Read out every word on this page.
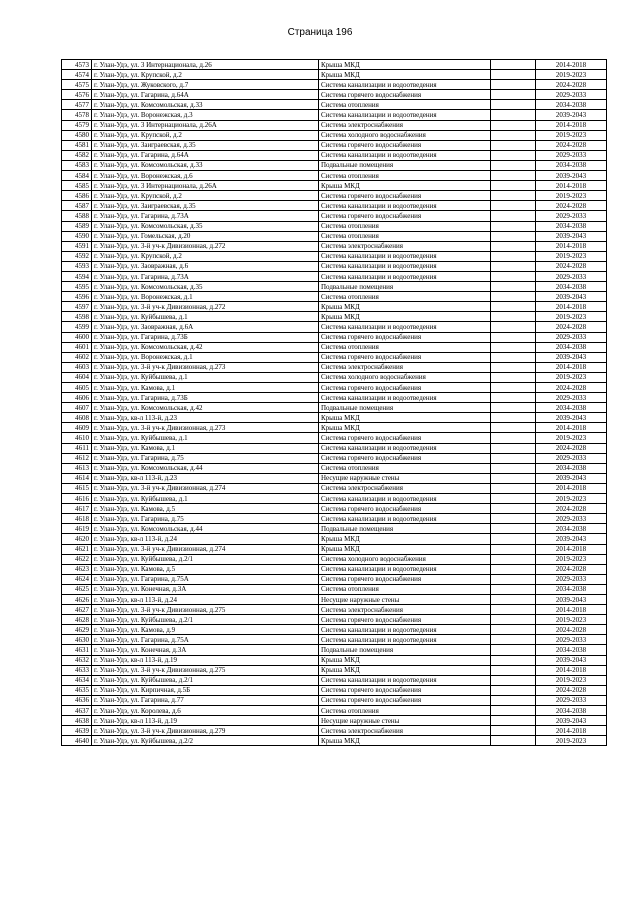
Страница 196
4573	г. Улан-Удэ, ул. 3 Интернационала, д.26	Крыша МКД		2014-2018
4574	г. Улан-Удэ, ул. Крупской, д.2	Крыша МКД		2019-2023
4575	г. Улан-Удэ, ул. Жуковского, д.7	Система канализации и водоотведения		2024-2028
4576	г. Улан-Удэ, ул. Гагарина, д.64А	Система горячего водоснабжения		2029-2033
4577	г. Улан-Удэ, ул. Комсомольская, д.33	Система отопления		2034-2038
4578	г. Улан-Удэ, ул. Воронежская, д.3	Система канализации и водоотведения		2039-2043
4579	г. Улан-Удэ, ул. 3 Интернационала, д.26А	Система электроснабжения		2014-2018
4580	г. Улан-Удэ, ул. Крупской, д.2	Система холодного водоснабжения		2019-2023
4581	г. Улан-Удэ, ул. Заиграевская, д.35	Система горячего водоснабжения		2024-2028
4582	г. Улан-Удэ, ул. Гагарина, д.64А	Система канализации и водоотведения		2029-2033
4583	г. Улан-Удэ, ул. Комсомольская, д.33	Подвальные помещения		2034-2038
4584	г. Улан-Удэ, ул. Воронежская, д.6	Система отопления		2039-2043
4585	г. Улан-Удэ, ул. 3 Интернационала, д.26А	Крыша МКД		2014-2018
4586	г. Улан-Удэ, ул. Крупской, д.2	Система горячего водоснабжения		2019-2023
4587	г. Улан-Удэ, ул. Заиграевская, д.35	Система канализации и водоотведения		2024-2028
4588	г. Улан-Удэ, ул. Гагарина, д.73А	Система горячего водоснабжения		2029-2033
4589	г. Улан-Удэ, ул. Комсомольская, д.35	Система отопления		2034-2038
4590	г. Улан-Удэ, ул. Гомельская, д.20	Система отопления		2039-2043
4591	г. Улан-Удэ, ул. 3-й уч-к Дивизионная, д.272	Система электроснабжения		2014-2018
4592	г. Улан-Удэ, ул. Крупской, д.2	Система канализации и водоотведения		2019-2023
4593	г. Улан-Удэ, ул. Заовражная, д.6	Система канализации и водоотведения		2024-2028
4594	г. Улан-Удэ, ул. Гагарина, д.73А	Система канализации и водоотведения		2029-2033
4595	г. Улан-Удэ, ул. Комсомольская, д.35	Подвальные помещения		2034-2038
4596	г. Улан-Удэ, ул. Воронежская, д.1	Система отопления		2039-2043
4597	г. Улан-Удэ, ул. 3-й уч-к Дивизионная, д.272	Крыша МКД		2014-2018
4598	г. Улан-Удэ, ул. Куйбышева, д.1	Крыша МКД		2019-2023
4599	г. Улан-Удэ, ул. Заовражная, д.6А	Система канализации и водоотведения		2024-2028
4600	г. Улан-Удэ, ул. Гагарина, д.73Б	Система горячего водоснабжения		2029-2033
4601	г. Улан-Удэ, ул. Комсомольская, д.42	Система отопления		2034-2038
4602	г. Улан-Удэ, ул. Воронежская, д.1	Система горячего водоснабжения		2039-2043
4603	г. Улан-Удэ, ул. 3-й уч-к Дивизионная, д.273	Система электроснабжения		2014-2018
4604	г. Улан-Удэ, ул. Куйбышева, д.1	Система холодного водоснабжения		2019-2023
4605	г. Улан-Удэ, ул. Камова, д.1	Система горячего водоснабжения		2024-2028
4606	г. Улан-Удэ, ул. Гагарина, д.73Б	Система канализации и водоотведения		2029-2033
4607	г. Улан-Удэ, ул. Комсомольская, д.42	Подвальные помещения		2034-2038
4608	г. Улан-Удэ, кв-л 113-й, д.23	Крыша МКД		2039-2043
4609	г. Улан-Удэ, ул. 3-й уч-к Дивизионная, д.273	Крыша МКД		2014-2018
4610	г. Улан-Удэ, ул. Куйбышева, д.1	Система горячего водоснабжения		2019-2023
4611	г. Улан-Удэ, ул. Камова, д.1	Система канализации и водоотведения		2024-2028
4612	г. Улан-Удэ, ул. Гагарина, д.75	Система горячего водоснабжения		2029-2033
4613	г. Улан-Удэ, ул. Комсомольская, д.44	Система отопления		2034-2038
4614	г. Улан-Удэ, кв-л 113-й, д.23	Несущие наружные стены		2039-2043
4615	г. Улан-Удэ, ул. 3-й уч-к Дивизионная, д.274	Система электроснабжения		2014-2018
4616	г. Улан-Удэ, ул. Куйбышева, д.1	Система канализации и водоотведения		2019-2023
4617	г. Улан-Удэ, ул. Камова, д.5	Система горячего водоснабжения		2024-2028
4618	г. Улан-Удэ, ул. Гагарина, д.75	Система канализации и водоотведения		2029-2033
4619	г. Улан-Удэ, ул. Комсомольская, д.44	Подвальные помещения		2034-2038
4620	г. Улан-Удэ, кв-л 113-й, д.24	Крыша МКД		2039-2043
4621	г. Улан-Удэ, ул. 3-й уч-к Дивизионная, д.274	Крыша МКД		2014-2018
4622	г. Улан-Удэ, ул. Куйбышева, д.2/1	Система холодного водоснабжения		2019-2023
4623	г. Улан-Удэ, ул. Камова, д.5	Система канализации и водоотведения		2024-2028
4624	г. Улан-Удэ, ул. Гагарина, д.75А	Система горячего водоснабжения		2029-2033
4625	г. Улан-Удэ, ул. Конечная, д.3А	Система отопления		2034-2038
4626	г. Улан-Удэ, кв-л 113-й, д.24	Несущие наружные стены		2039-2043
4627	г. Улан-Удэ, ул. 3-й уч-к Дивизионная, д.275	Система электроснабжения		2014-2018
4628	г. Улан-Удэ, ул. Куйбышева, д.2/1	Система горячего водоснабжения		2019-2023
4629	г. Улан-Удэ, ул. Камова, д.9	Система канализации и водоотведения		2024-2028
4630	г. Улан-Удэ, ул. Гагарина, д.75А	Система канализации и водоотведения		2029-2033
4631	г. Улан-Удэ, ул. Конечная, д.3А	Подвальные помещения		2034-2038
4632	г. Улан-Удэ, кв-л 113-й, д.19	Крыша МКД		2039-2043
4633	г. Улан-Удэ, ул. 3-й уч-к Дивизионная, д.275	Крыша МКД		2014-2018
4634	г. Улан-Удэ, ул. Куйбышева, д.2/1	Система канализации и водоотведения		2019-2023
4635	г. Улан-Удэ, ул. Кирпичная, д.5Б	Система горячего водоснабжения		2024-2028
4636	г. Улан-Удэ, ул. Гагарина, д.77	Система горячего водоснабжения		2029-2033
4637	г. Улан-Удэ, ул. Королева, д.6	Система отопления		2034-2038
4638	г. Улан-Удэ, кв-л 113-й, д.19	Несущие наружные стены		2039-2043
4639	г. Улан-Удэ, ул. 3-й уч-к Дивизионная, д.279	Система электроснабжения		2014-2018
4640	г. Улан-Удэ, ул. Куйбышева, д.2/2	Крыша МКД		2019-2023
